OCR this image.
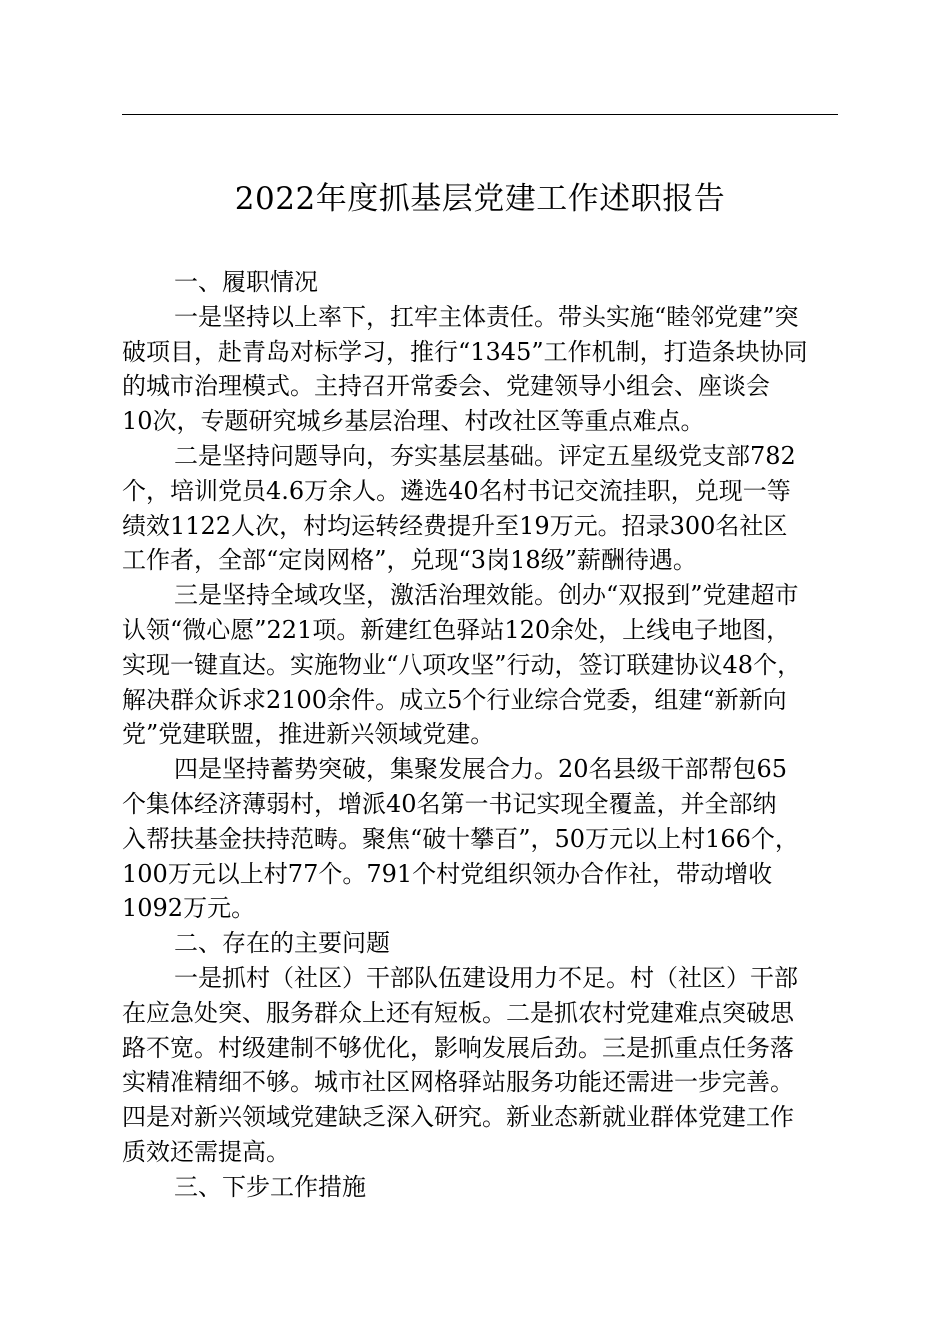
2022年度抓基层党建工作述职报告
一、履职情况
一是坚持以上率下，扛牢主体责任。带头实施“睦邻党建”突
破项目，赴青岛对标学习，推行“1345”工作机制，打造条块协同
的城市治理模式。主持召开常委会、党建领导小组会、座谈会
10次，专题研究城乡基层治理、村改社区等重点难点。
二是坚持问题导向，夯实基层基础。评定五星级党支部782
个，培训党员4.6万余人。遴选40名村书记交流挂职，兑现一等
绩效1122人次，村均运转经费提升至19万元。招录300名社区
工作者，全部“定岗网格”，兑现“3岗18级”薪酬待遇。
三是坚持全域攻坚，激活治理效能。创办“双报到”党建超市
认领“微心愿”221项。新建红色驿站120余处，上线电子地图，
实现一键直达。实施物业“八项攻坚”行动，签订联建协议48个，
解决群众诉求2100余件。成立5个行业综合党委，组建“新新向
党”党建联盟，推进新兴领域党建。
四是坚持蓄势突破，集聚发展合力。20名县级干部帮包65
个集体经济薄弱村，增派40名第一书记实现全覆盖，并全部纳
入帮扶基金扶持范畴。聚焦“破十攀百”，50万元以上村166个，
100万元以上村77个。791个村党组织领办合作社，带动增收
1092万元。
二、存在的主要问题
一是抓村（社区）干部队伍建设用力不足。村（社区）干部
在应急处突、服务群众上还有短板。二是抓农村党建难点突破思
路不宽。村级建制不够优化，影响发展后劲。三是抓重点任务落
实精准精细不够。城市社区网格驿站服务功能还需进一步完善。
四是对新兴领域党建缺乏深入研究。新业态新就业群体党建工作
质效还需提高。
三、下步工作措施
